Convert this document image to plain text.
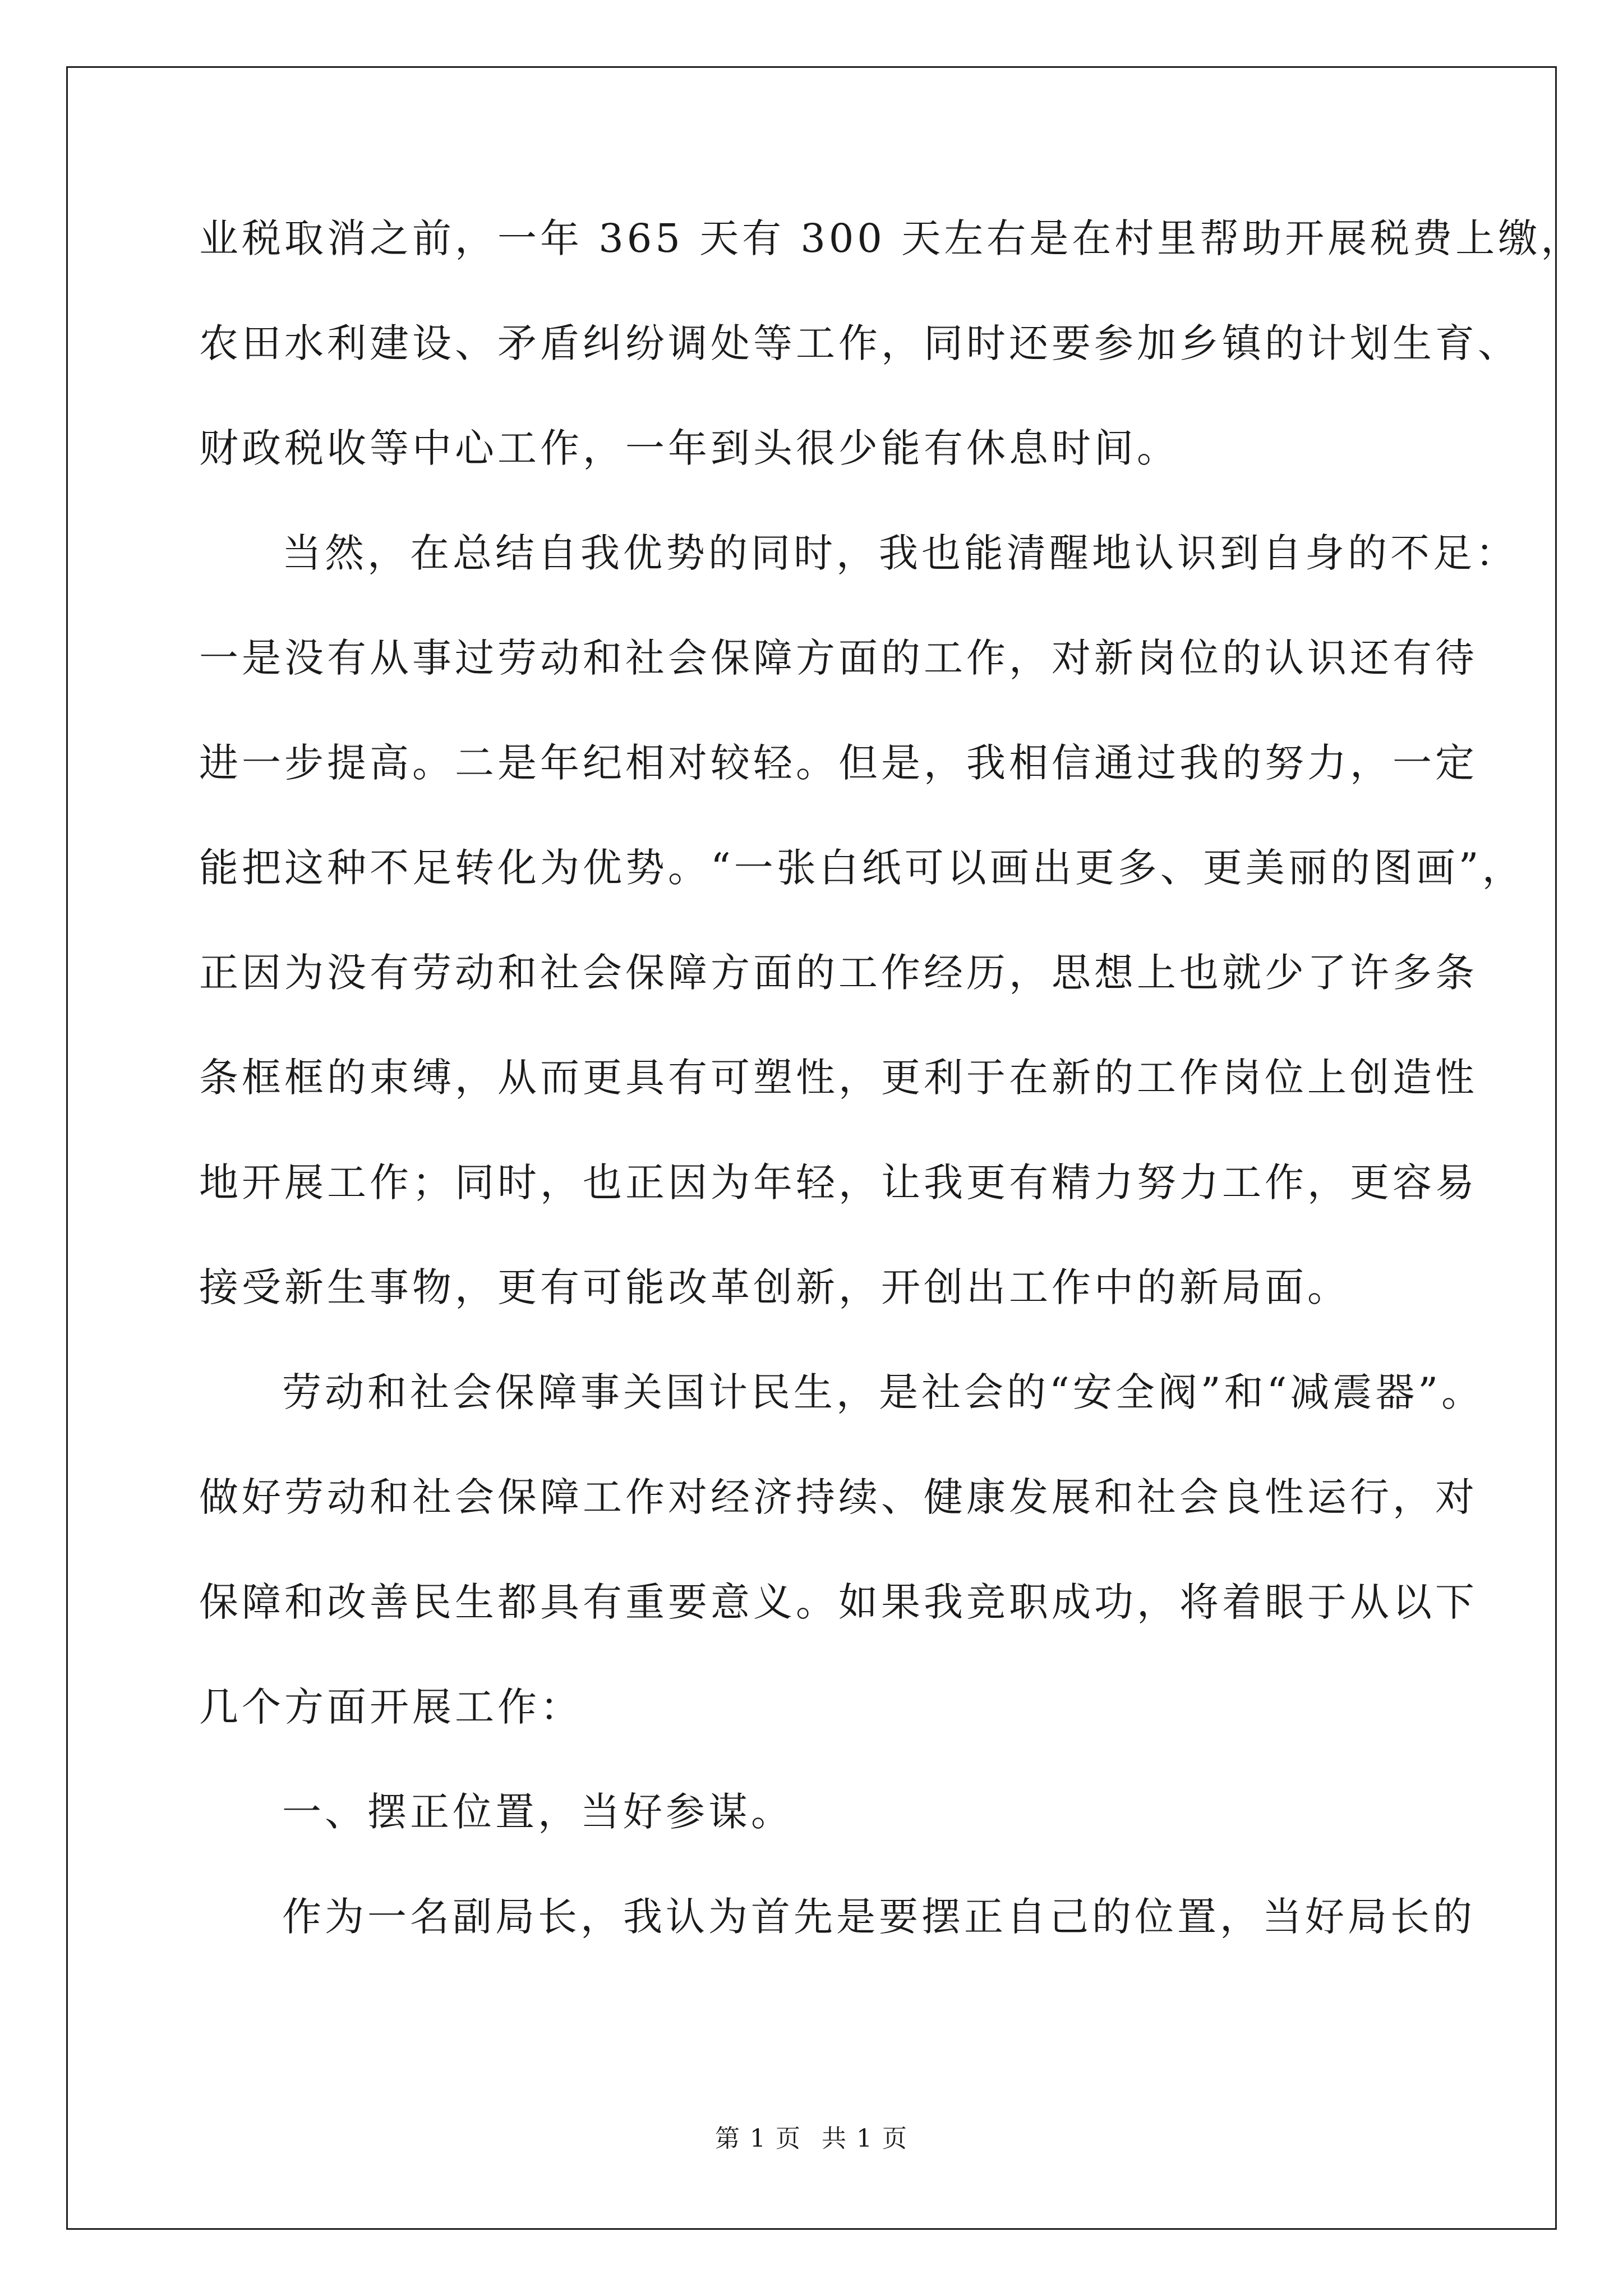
业税取消之前，一年 365 天有 300 天左右是在村里帮助开展税费上缴，
农田水利建设、矛盾纠纷调处等工作，同时还要参加乡镇的计划生育、
财政税收等中心工作，一年到头很少能有休息时间。
当然，在总结自我优势的同时，我也能清醒地认识到自身的不足：
一是没有从事过劳动和社会保障方面的工作，对新岗位的认识还有待
进一步提高。二是年纪相对较轻。但是，我相信通过我的努力，一定
能把这种不足转化为优势。“一张白纸可以画出更多、更美丽的图画”，
正因为没有劳动和社会保障方面的工作经历，思想上也就少了许多条
条框框的束缚，从而更具有可塑性，更利于在新的工作岗位上创造性
地开展工作；同时，也正因为年轻，让我更有精力努力工作，更容易
接受新生事物，更有可能改革创新，开创出工作中的新局面。
劳动和社会保障事关国计民生，是社会的“安全阀”和“减震器”。
做好劳动和社会保障工作对经济持续、健康发展和社会良性运行，对
保障和改善民生都具有重要意义。如果我竞职成功，将着眼于从以下
几个方面开展工作：
一、摆正位置，当好参谋。
作为一名副局长，我认为首先是要摆正自己的位置，当好局长的
第 1 页 共 1 页
